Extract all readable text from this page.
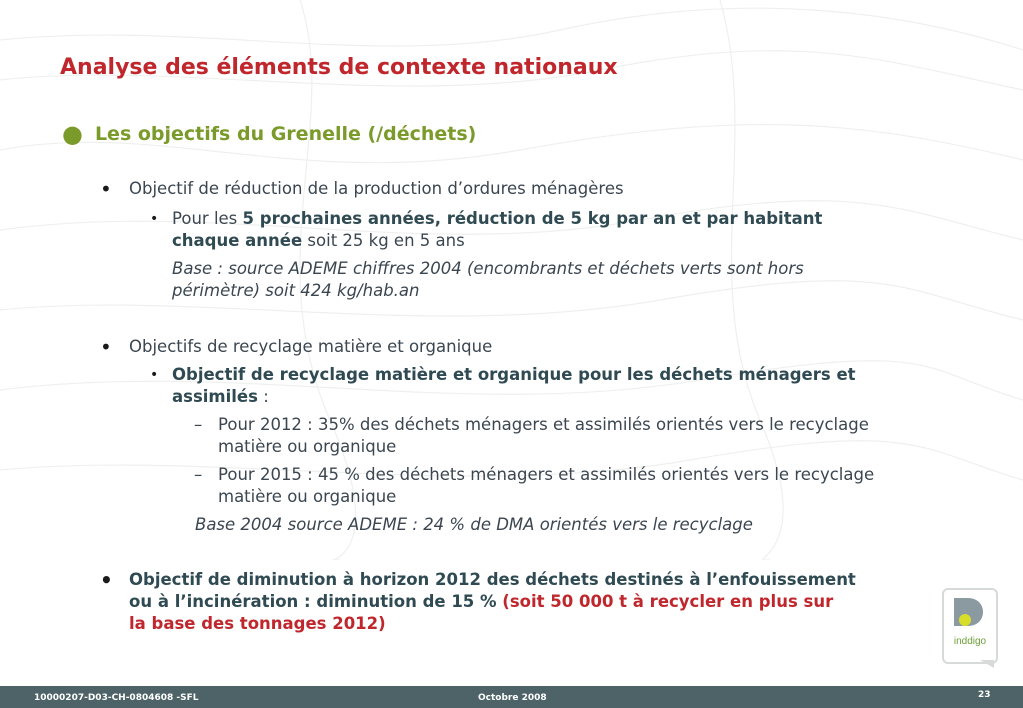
Analyse des éléments de contexte nationaux
● Les objectifs du Grenelle (/déchets)
• Objectif de réduction de la production d’ordures ménagères
• Pour les 5 prochaines années, réduction de 5 kg par an et par habitant
chaque année soit 25 kg en 5 ans
Base : source ADEME chiffres 2004 (encombrants et déchets verts sont hors
périmètre) soit 424 kg/hab.an
• Objectifs de recyclage matière et organique
• Objectif de recyclage matière et organique pour les déchets ménagers et
assimilés :
– Pour 2012 : 35% des déchets ménagers et assimilés orientés vers le recyclage
matière ou organique
– Pour 2015 : 45 % des déchets ménagers et assimilés orientés vers le recyclage
matière ou organique
Base 2004 source ADEME : 24 % de DMA orientés vers le recyclage
• Objectif de diminution à horizon 2012 des déchets destinés à l’enfouissement
ou à l’incinération : diminution de 15 % (soit 50 000 t à recycler en plus sur
la base des tonnages 2012)
inddigo
10000207-D03-CH-0804608 -SFL	Octobre 2008	23
